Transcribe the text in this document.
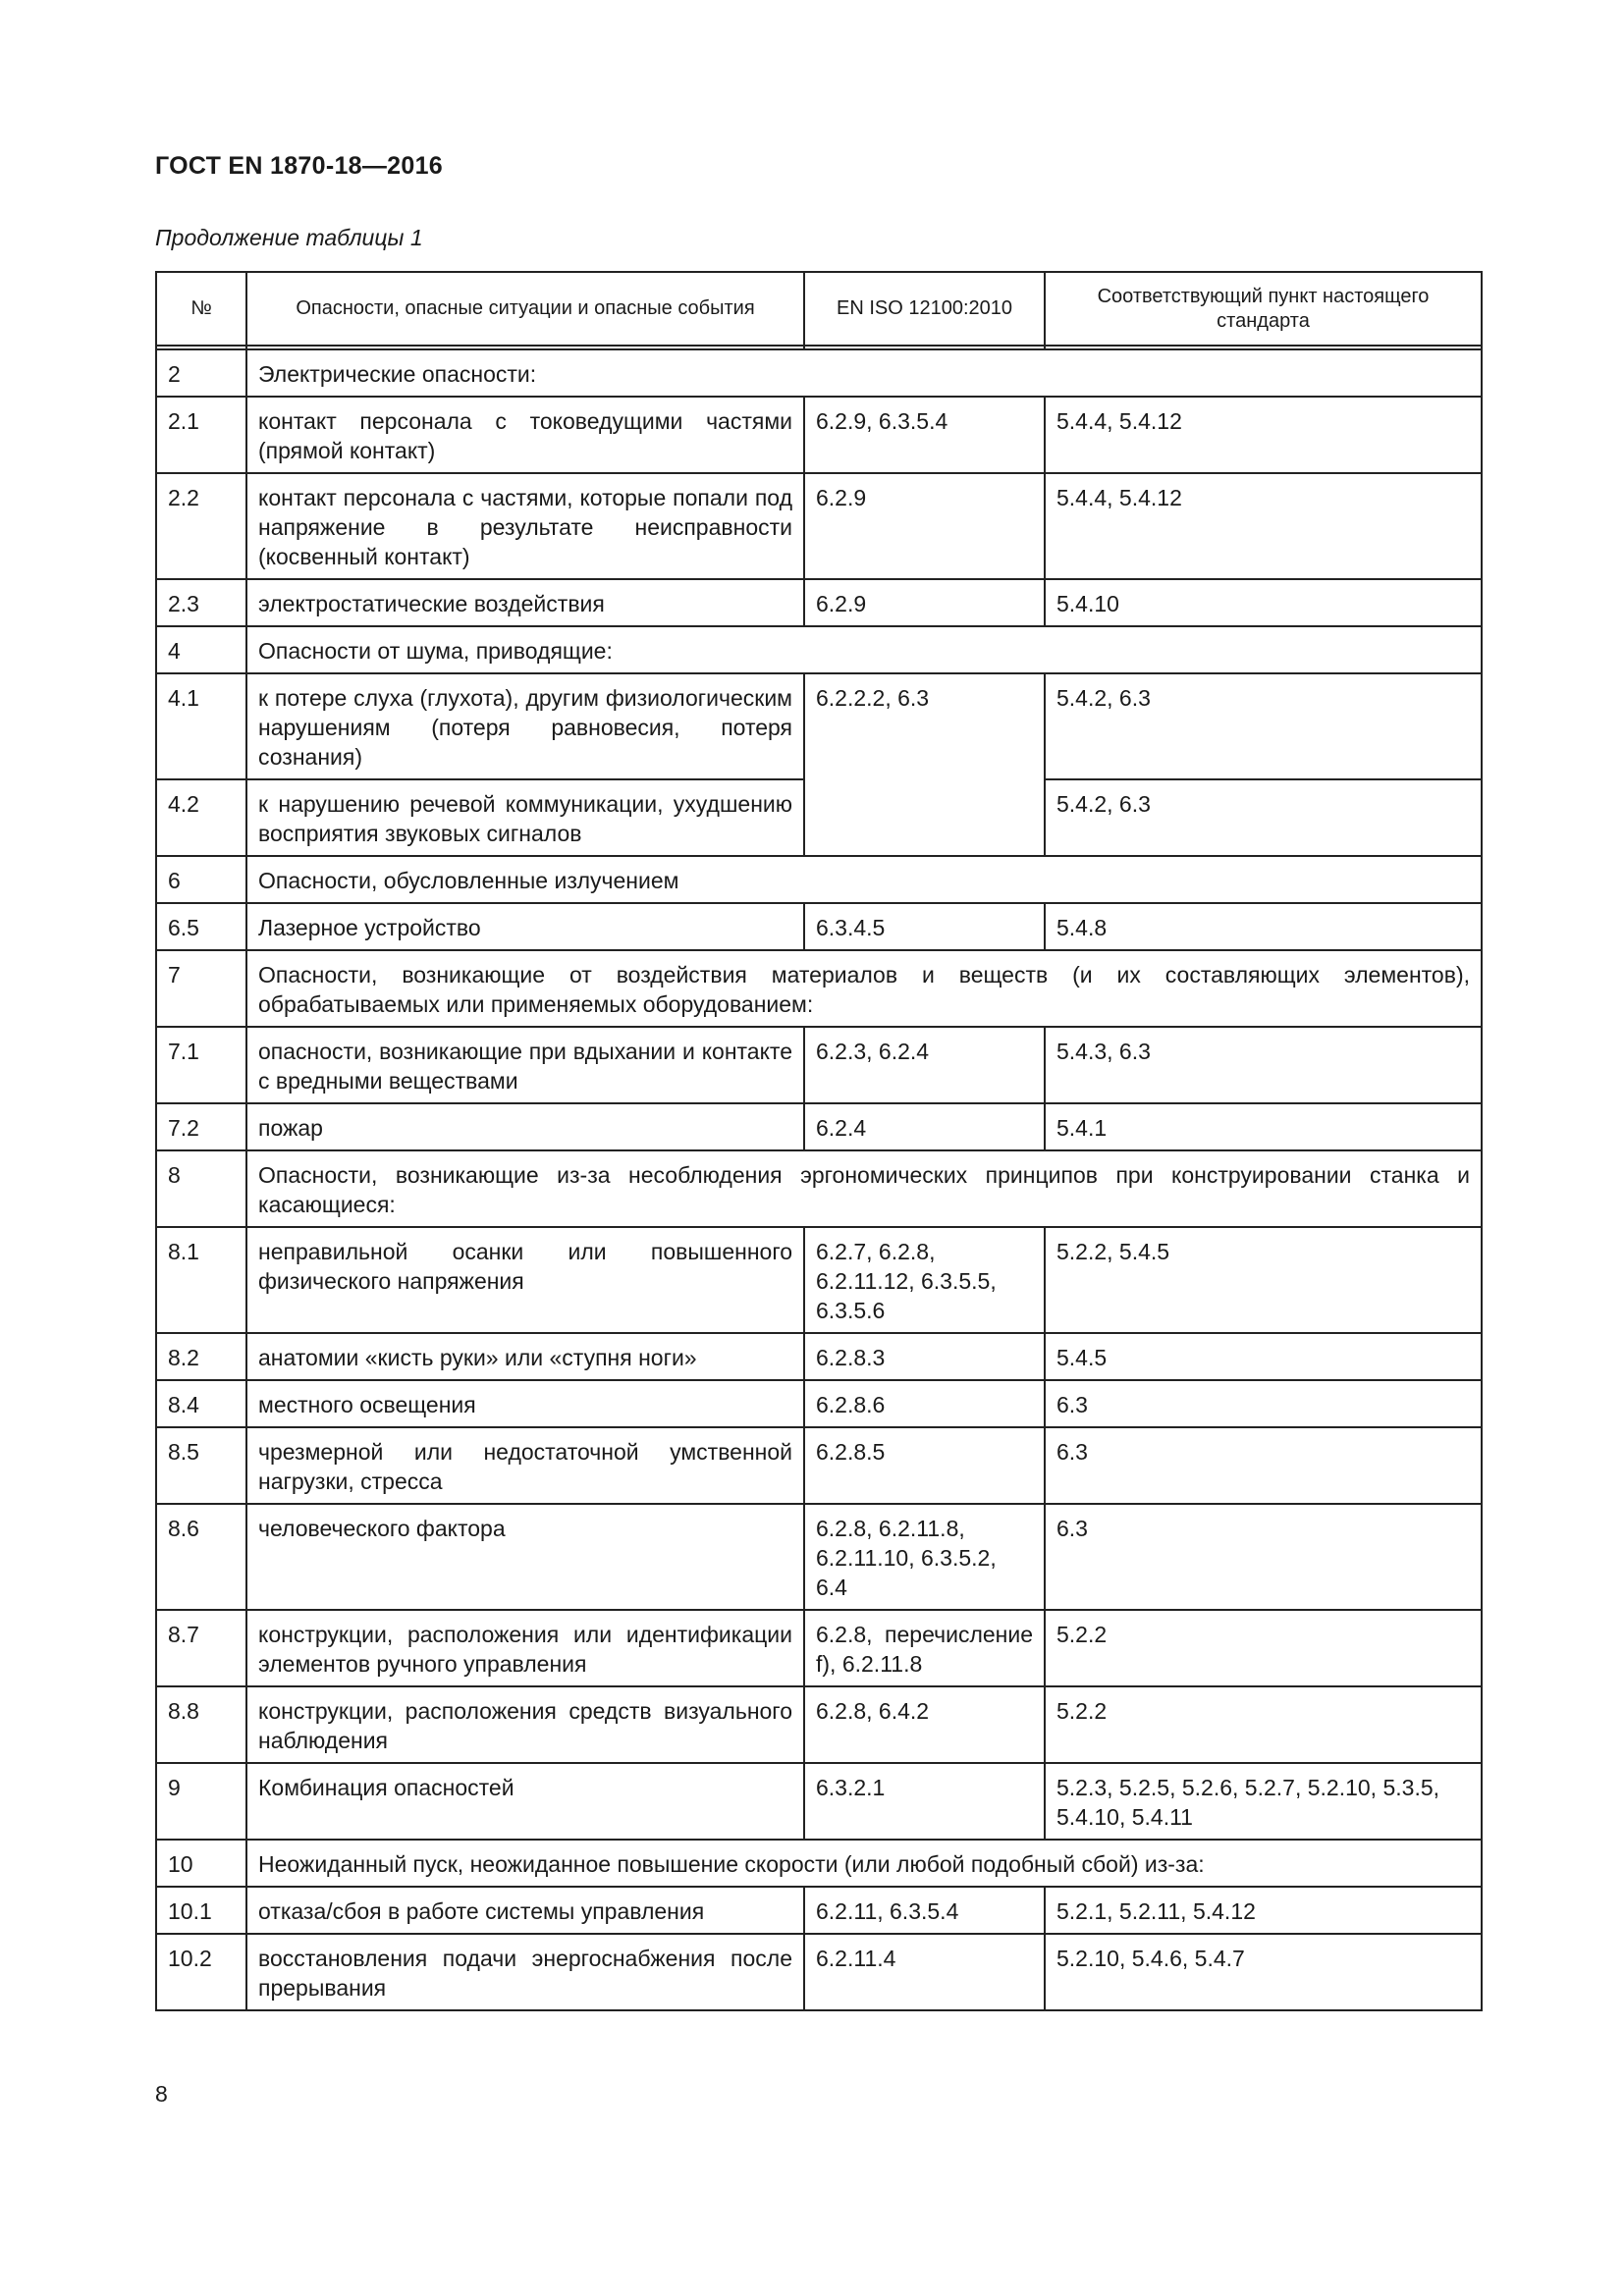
ГОСТ EN 1870-18—2016
Продолжение таблицы 1
№	Опасности, опасные ситуации и опасные события	EN ISO 12100:2010	Соответствующий пункт настоящего стандарта

2	Электрические опасности:		
2.1	контакт персонала с токоведущими частями (прямой контакт)	6.2.9, 6.3.5.4	5.4.4, 5.4.12
2.2	контакт персонала с частями, которые попали под напряжение в результате неисправности (косвенный контакт)	6.2.9	5.4.4, 5.4.12
2.3	электростатические воздействия	6.2.9	5.4.10
4	Опасности от шума, приводящие:		
4.1	к потере слуха (глухота), другим физиологическим нарушениям (потеря равновесия, потеря сознания)	6.2.2.2, 6.3	5.4.2, 6.3
4.2	к нарушению речевой коммуникации, ухудшению восприятия звуковых сигналов		5.4.2, 6.3
6	Опасности, обусловленные излучением		
6.5	Лазерное устройство	6.3.4.5	5.4.8
7	Опасности, возникающие от воздействия материалов и веществ (и их составляющих элементов), обрабатываемых или применяемых оборудованием:		
7.1	опасности, возникающие при вдыхании и контакте с вредными веществами	6.2.3, 6.2.4	5.4.3, 6.3
7.2	пожар	6.2.4	5.4.1
8	Опасности, возникающие из-за несоблюдения эргономических принципов при конструировании станка и касающиеся:		
8.1	неправильной осанки или повышенного физического напряжения	6.2.7, 6.2.8, 6.2.11.12, 6.3.5.5, 6.3.5.6	5.2.2, 5.4.5
8.2	анатомии «кисть руки» или «ступня ноги»	6.2.8.3	5.4.5
8.4	местного освещения	6.2.8.6	6.3
8.5	чрезмерной или недостаточной умственной нагрузки, стресса	6.2.8.5	6.3
8.6	человеческого фактора	6.2.8, 6.2.11.8, 6.2.11.10, 6.3.5.2, 6.4	6.3
8.7	конструкции, расположения или идентификации элементов ручного управления	6.2.8, перечисление f), 6.2.11.8	5.2.2
8.8	конструкции, расположения средств визуального наблюдения	6.2.8, 6.4.2	5.2.2
9	Комбинация опасностей	6.3.2.1	5.2.3, 5.2.5, 5.2.6, 5.2.7, 5.2.10, 5.3.5, 5.4.10, 5.4.11
10	Неожиданный пуск, неожиданное повышение скорости (или любой подобный сбой) из-за:		
10.1	отказа/сбоя в работе системы управления	6.2.11, 6.3.5.4	5.2.1, 5.2.11, 5.4.12
10.2	восстановления подачи энергоснабжения после прерывания	6.2.11.4	5.2.10, 5.4.6, 5.4.7
8
